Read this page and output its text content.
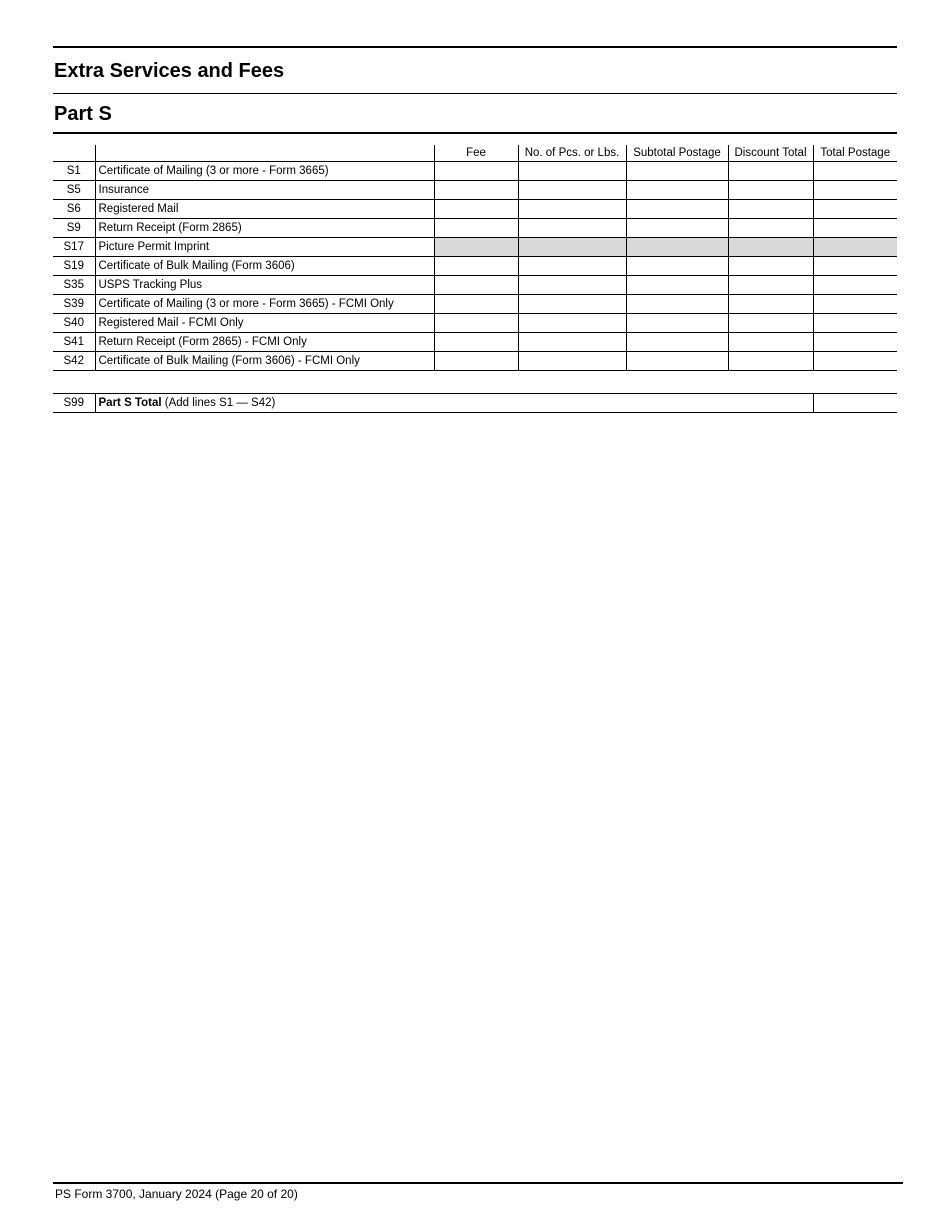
Extra Services and Fees
Part S
		Fee	No. of Pcs. or Lbs.	Subtotal Postage	Discount Total	Total Postage
S1	Certificate of Mailing (3 or more - Form 3665)					
S5	Insurance					
S6	Registered Mail					
S9	Return Receipt (Form 2865)					
S17	Picture Permit Imprint					
S19	Certificate of Bulk Mailing (Form 3606)					
S35	USPS Tracking Plus					
S39	Certificate of Mailing (3 or more - Form 3665) - FCMI Only					
S40	Registered Mail - FCMI Only					
S41	Return Receipt (Form 2865) - FCMI Only					
S42	Certificate of Bulk Mailing (Form 3606) - FCMI Only					
S99	Part S Total (Add lines S1 — S42)	
PS Form 3700, January 2024 (Page 20 of 20)
